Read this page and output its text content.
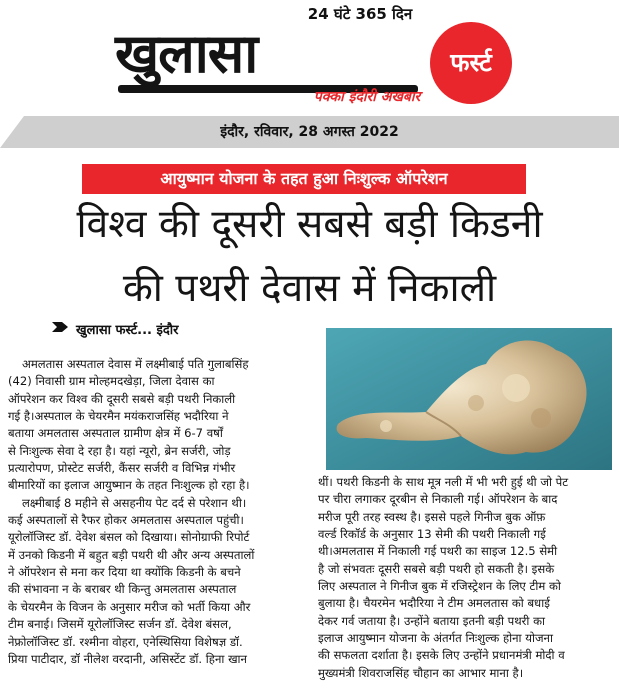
24 घंटे 365 दिन
खुलासा	फर्स्ट
पक्का इंदौरी अखबार
इंदौर, रविवार, 28 अगस्त 2022
आयुष्मान योजना के तहत हुआ निःशुल्क ऑपरेशन
विश्व की दूसरी सबसे बड़ी किडनी
की पथरी देवास में निकाली
खुलासा फर्स्ट... इंदौर
अमलतास अस्पताल देवास में लक्ष्मीबाई पति गुलाबसिंह
(42) निवासी ग्राम मोल्हमदखेड़ा, जिला देवास का
ऑपरेशन कर विश्व की दूसरी सबसे बड़ी पथरी निकाली
गई है।अस्पताल के चेयरमैन मयंकराजसिंह भदौरिया ने
बताया अमलतास अस्पताल ग्रामीण क्षेत्र में 6-7 वर्षों
से निःशुल्क सेवा दे रहा है। यहां न्यूरो, ब्रेन सर्जरी, जोड़
प्रत्यारोपण, प्रोस्टेट सर्जरी, कैंसर सर्जरी व विभिन्न गंभीर
बीमारियों का इलाज आयुष्मान के तहत निःशुल्क हो रहा है।
लक्ष्मीबाई 8 महीने से असहनीय पेट दर्द से परेशान थी।
कई अस्पतालों से रैफर होकर अमलतास अस्पताल पहुंची।
यूरोलॉजिस्ट डॉ. देवेश बंसल को दिखाया। सोनोग्राफी रिपोर्ट
में उनको किडनी में बहुत बड़ी पथरी थी और अन्य अस्पतालों
ने ऑपरेशन से मना कर दिया था क्योंकि किडनी के बचने
की संभावना न के बराबर थी किन्तु अमलतास अस्पताल
के चेयरमैन के विजन के अनुसार मरीज को भर्ती किया और
टीम बनाई। जिसमें यूरोलॉजिस्ट सर्जन डॉ. देवेश बंसल,
नेफ्रोलॉजिस्ट डॉ. रश्मीना वोहरा, एनेस्थिसिया विशेषज्ञ डॉ.
प्रिया पाटीदार, डॉ नीलेश वरदानी, असिस्टेंट डॉ. हिना खान
थीं। पथरी किडनी के साथ मूत्र नली में भी भरी हुई थी जो पेट
पर चीरा लगाकर दूरबीन से निकाली गई। ऑपरेशन के बाद
मरीज पूरी तरह स्वस्थ है। इससे पहले गिनीज बुक ऑफ़
वर्ल्ड रिकॉर्ड के अनुसार 13 सेमी की पथरी निकाली गई
थी।अमलतास में निकाली गई पथरी का साइज 12.5 सेमी
है जो संभवतः दूसरी सबसे बड़ी पथरी हो सकती है। इसके
लिए अस्पताल ने गिनीज बुक में रजिस्ट्रेशन के लिए टीम को
बुलाया है। चैयरमेन भदौरिया ने टीम अमलतास को बधाई
देकर गर्व जताया है। उन्होंने बताया इतनी बड़ी पथरी का
इलाज आयुष्मान योजना के अंतर्गत निःशुल्क होना योजना
की सफलता दर्शाता है। इसके लिए उन्होंने प्रधानमंत्री मोदी व
मुख्यमंत्री शिवराजसिंह चौहान का आभार माना है।
